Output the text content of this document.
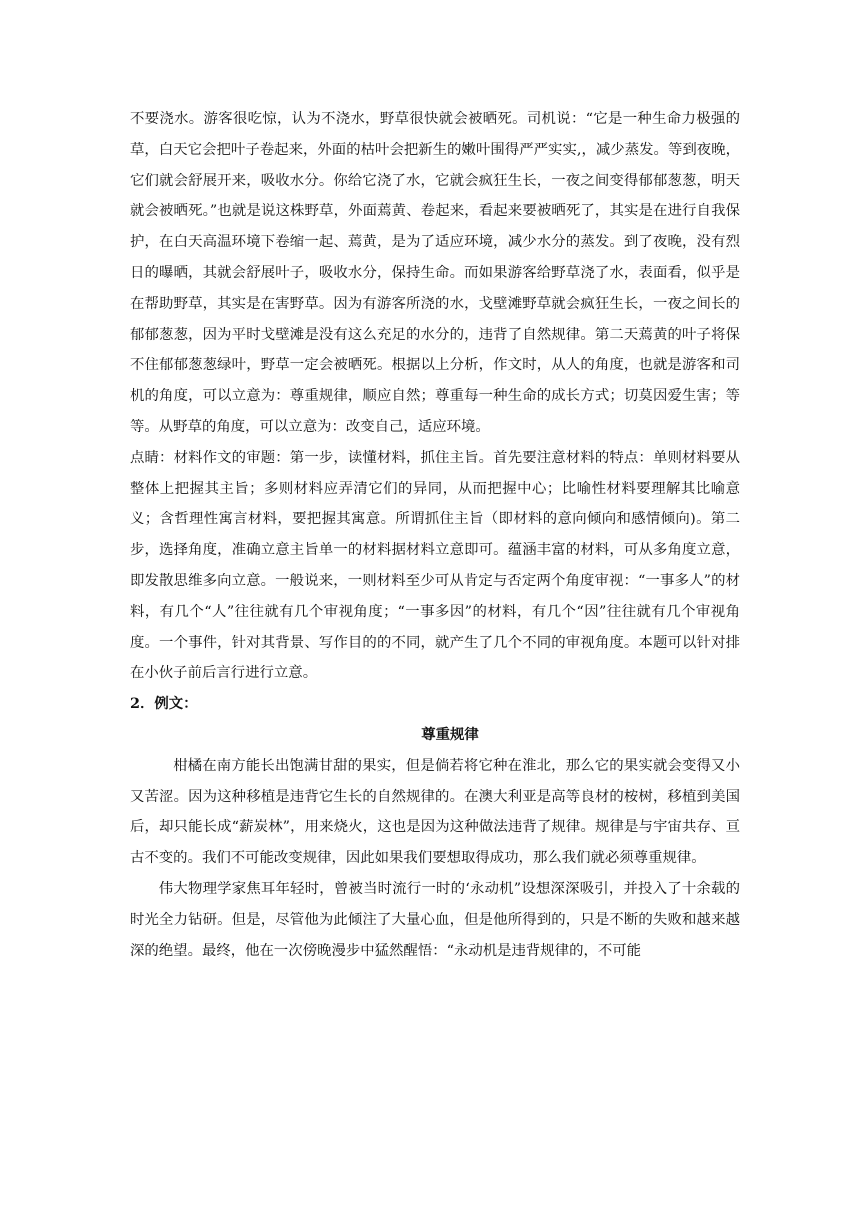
不要浇水。游客很吃惊，认为不浇水，野草很快就会被晒死。司机说：“它是一种生命力极强的草，白天它会把叶子卷起来，外面的枯叶会把新生的嫩叶围得严严实实,，减少蒸发。等到夜晚，它们就会舒展开来，吸收水分。你给它浇了水，它就会疯狂生长，一夜之间变得郁郁葱葱，明天就会被晒死。”也就是说这株野草，外面蔫黄、卷起来，看起来要被晒死了，其实是在进行自我保护，在白天高温环境下卷缩一起、蔫黄，是为了适应环境，减少水分的蒸发。到了夜晚，没有烈日的曝晒，其就会舒展叶子，吸收水分，保持生命。而如果游客给野草浇了水，表面看，似乎是在帮助野草，其实是在害野草。因为有游客所浇的水，戈壁滩野草就会疯狂生长，一夜之间长的郁郁葱葱，因为平时戈壁滩是没有这么充足的水分的，违背了自然规律。第二天蔫黄的叶子将保不住郁郁葱葱绿叶，野草一定会被晒死。根据以上分析，作文时，从人的角度，也就是游客和司机的角度，可以立意为：尊重规律，顺应自然；尊重每一种生命的成长方式；切莫因爱生害；等等。从野草的角度，可以立意为：改变自己，适应环境。

点睛：材料作文的审题：第一步，读懂材料，抓住主旨。首先要注意材料的特点：单则材料要从整体上把握其主旨；多则材料应弄清它们的异同，从而把握中心；比喻性材料要理解其比喻意义；含哲理性寓言材料，要把握其寓意。所谓抓住主旨（即材料的意向倾向和感情倾向)。第二步，选择角度，准确立意主旨单一的材料据材料立意即可。蕴涵丰富的材料，可从多角度立意，即发散思维多向立意。一般说来，一则材料至少可从肯定与否定两个角度审视：“一事多人”的材料，有几个“人”往往就有几个审视角度；“一事多因”的材料，有几个“因”往往就有几个审视角度。一个事件，针对其背景、写作目的的不同，就产生了几个不同的审视角度。本题可以针对排在小伙子前后言行进行立意。

2．例文：

尊重规律

柑橘在南方能长出饱满甘甜的果实，但是倘若将它种在淮北，那么它的果实就会变得又小又苦涩。因为这种移植是违背它生长的自然规律的。在澳大利亚是高等良材的桉树，移植到美国后，却只能长成“薪炭林”，用来烧火，这也是因为这种做法违背了规律。规律是与宇宙共存、亘古不变的。我们不可能改变规律，因此如果我们要想取得成功，那么我们就必须尊重规律。

伟大物理学家焦耳年轻时，曾被当时流行一时的‘永动机”设想深深吸引，并投入了十余载的时光全力钻研。但是，尽管他为此倾注了大量心血，但是他所得到的，只是不断的失败和越来越深的绝望。最终，他在一次傍晚漫步中猛然醒悟：“永动机是违背规律的，不可能
